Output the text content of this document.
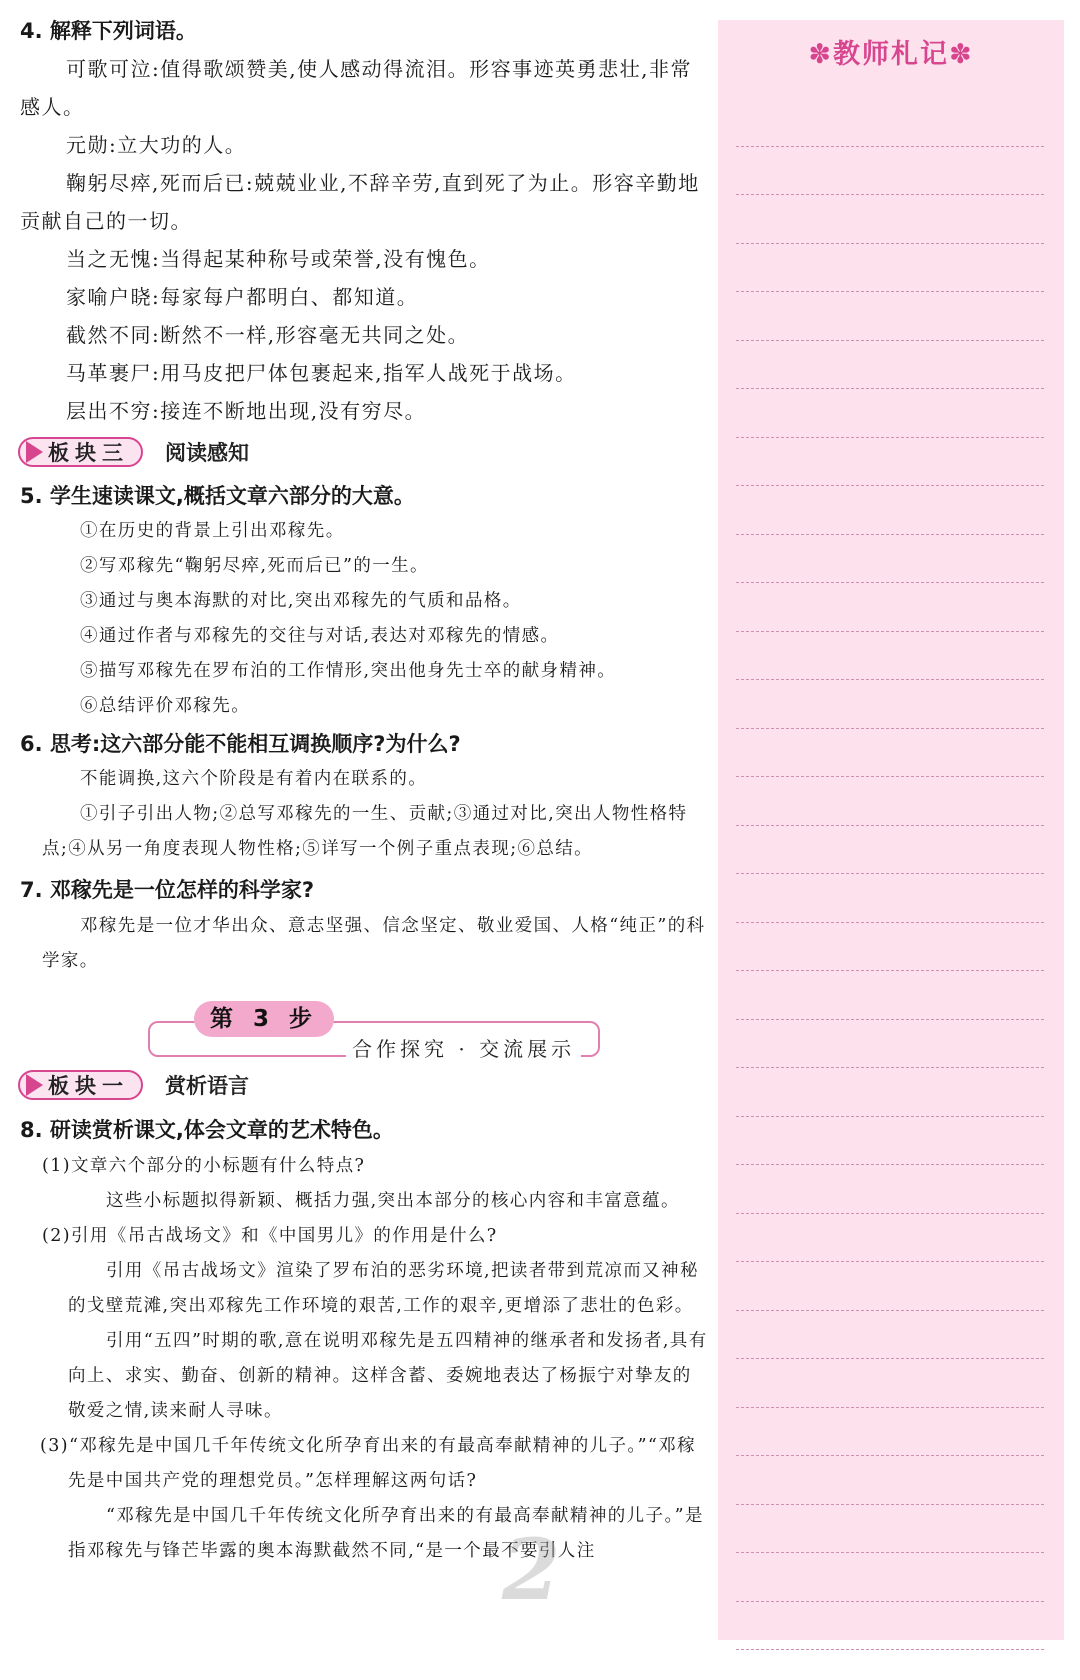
4. 解释下列词语。

可歌可泣:值得歌颂赞美,使人感动得流泪。形容事迹英勇悲壮,非常感人。

元勋:立大功的人。

鞠躬尽瘁,死而后已:兢兢业业,不辞辛劳,直到死了为止。形容辛勤地贡献自己的一切。

当之无愧:当得起某种称号或荣誉,没有愧色。

家喻户晓:每家每户都明白、都知道。

截然不同:断然不一样,形容毫无共同之处。

马革裹尸:用马皮把尸体包裹起来,指军人战死于战场。

层出不穷:接连不断地出现,没有穷尽。

板块三 阅读感知

5. 学生速读课文,概括文章六部分的大意。

①在历史的背景上引出邓稼先。

②写邓稼先“鞠躬尽瘁,死而后已”的一生。

③通过与奥本海默的对比,突出邓稼先的气质和品格。

④通过作者与邓稼先的交往与对话,表达对邓稼先的情感。

⑤描写邓稼先在罗布泊的工作情形,突出他身先士卒的献身精神。

⑥总结评价邓稼先。

6. 思考:这六部分能不能相互调换顺序?为什么?

不能调换,这六个阶段是有着内在联系的。

①引子引出人物;②总写邓稼先的一生、贡献;③通过对比,突出人物性格特点;④从另一角度表现人物性格;⑤详写一个例子重点表现;⑥总结。

7. 邓稼先是一位怎样的科学家?

邓稼先是一位才华出众、意志坚强、信念坚定、敬业爱国、人格“纯正”的科学家。

第 3 步
合作探究 · 交流展示
板块一 赏析语言

8. 研读赏析课文,体会文章的艺术特色。

(1)文章六个部分的小标题有什么特点?

这些小标题拟得新颖、概括力强,突出本部分的核心内容和丰富意蕴。

(2)引用《吊古战场文》和《中国男儿》的作用是什么?

引用《吊古战场文》渲染了罗布泊的恶劣环境,把读者带到荒凉而又神秘的戈壁荒滩,突出邓稼先工作环境的艰苦,工作的艰辛,更增添了悲壮的色彩。

引用“五四”时期的歌,意在说明邓稼先是五四精神的继承者和发扬者,具有向上、求实、勤奋、创新的精神。这样含蓄、委婉地表达了杨振宁对挚友的敬爱之情,读来耐人寻味。

(3)“邓稼先是中国几千年传统文化所孕育出来的有最高奉献精神的儿子。”“邓稼先是中国共产党的理想党员。”怎样理解这两句话?

“邓稼先是中国几千年传统文化所孕育出来的有最高奉献精神的儿子。”是指邓稼先与锋芒毕露的奥本海默截然不同,“是一个最不要引人注

2
✽教师札记✽
